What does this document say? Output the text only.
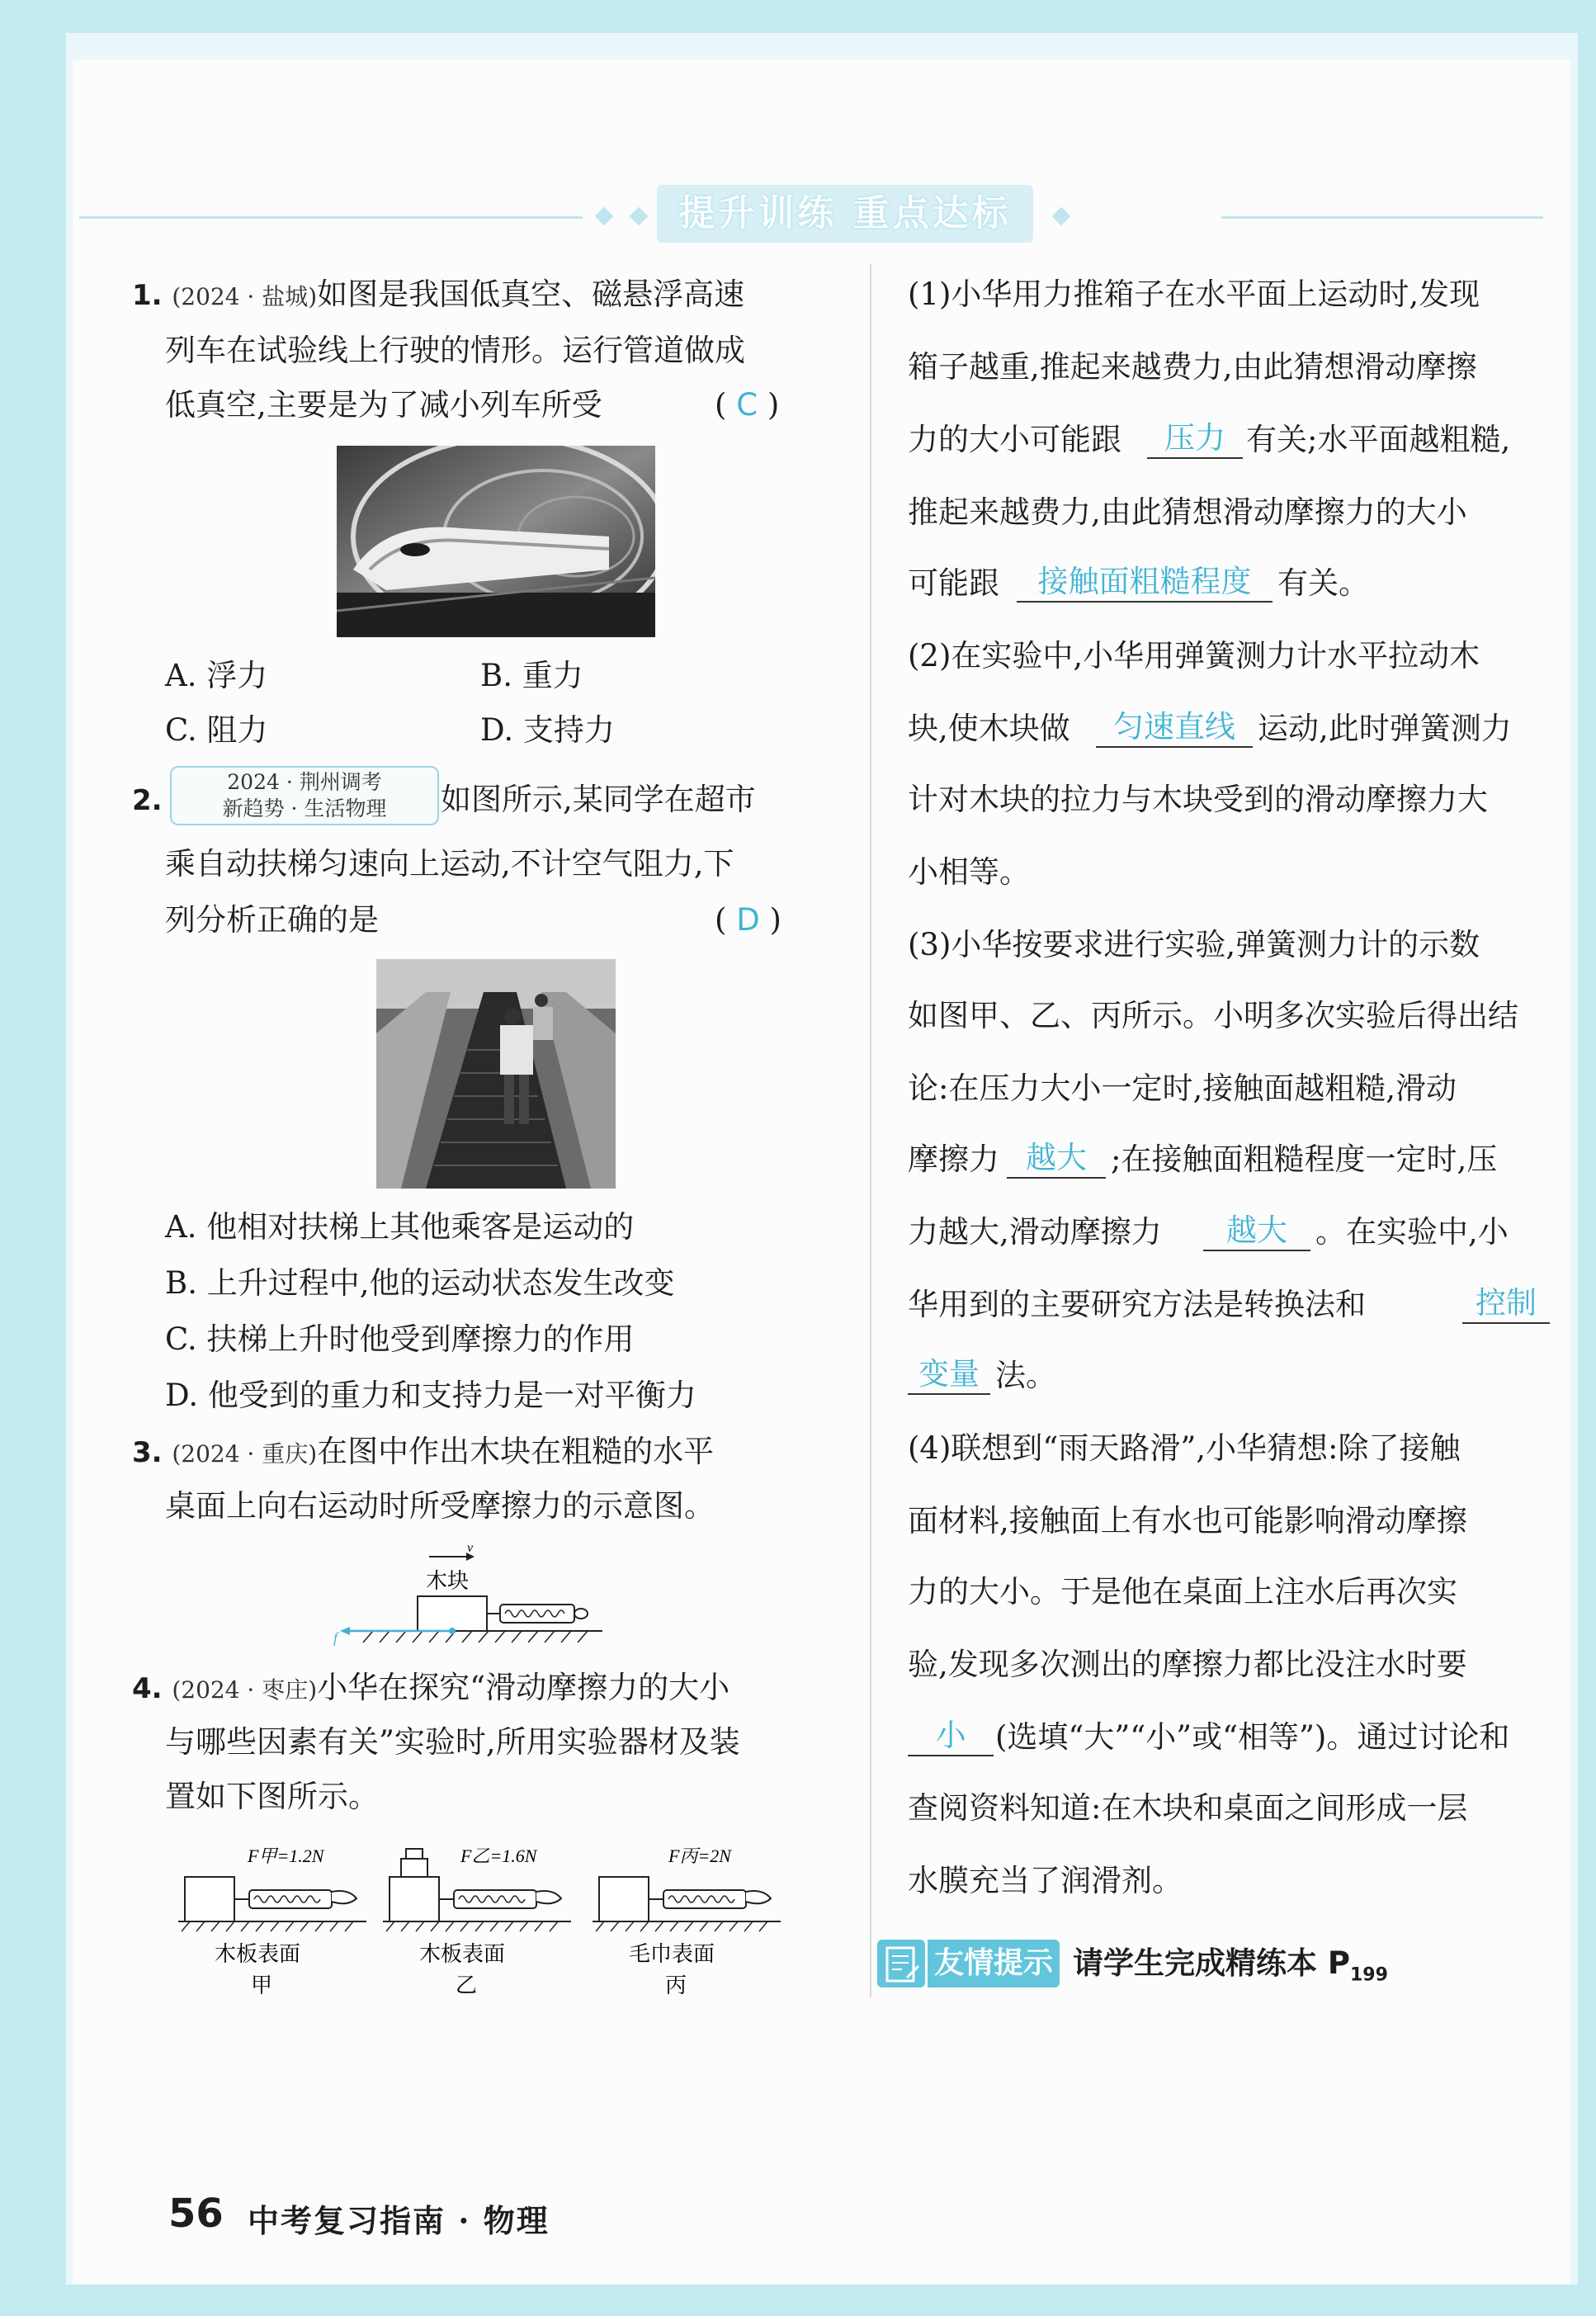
提升训练 重点达标
1. (2024 · 盐城)如图是我国低真空、磁悬浮高速
列车在试验线上行驶的情形。运行管道做成
低真空,主要是为了减小列车所受	( C )
A. 浮力	B. 重力
C. 阻力	D. 支持力
2.
2024 · 荆州调考
新趋势 · 生活物理	如图所示,某同学在超市
乘自动扶梯匀速向上运动,不计空气阻力,下
列分析正确的是	( D )
A. 他相对扶梯上其他乘客是运动的
B. 上升过程中,他的运动状态发生改变
C. 扶梯上升时他受到摩擦力的作用
D. 他受到的重力和支持力是一对平衡力
3. (2024 · 重庆)在图中作出木块在粗糙的水平
桌面上向右运动时所受摩擦力的示意图。
v
木块
f
4. (2024 · 枣庄)小华在探究“滑动摩擦力的大小
与哪些因素有关”实验时,所用实验器材及装
置如下图所示。
F甲=1.2N
木板表面
甲
F乙=1.6N
木板表面
乙
F丙=2N
毛巾表面
丙
(1)小华用力推箱子在水平面上运动时,发现
箱子越重,推起来越费力,由此猜想滑动摩擦
力的大小可能跟	压力 有关;水平面越粗糙,
推起来越费力,由此猜想滑动摩擦力的大小
可能跟	接触面粗糙程度 有关。
(2)在实验中,小华用弹簧测力计水平拉动木
块,使木块做	匀速直线 运动,此时弹簧测力
计对木块的拉力与木块受到的滑动摩擦力大
小相等。
(3)小华按要求进行实验,弹簧测力计的示数
如图甲、乙、丙所示。小明多次实验后得出结
论:在压力大小一定时,接触面越粗糙,滑动
摩擦力 越大 ;在接触面粗糙程度一定时,压
力越大,滑动摩擦力	越大 。在实验中,小
华用到的主要研究方法是转换法和	控制
变量 法。
(4)联想到“雨天路滑”,小华猜想:除了接触
面材料,接触面上有水也可能影响滑动摩擦
力的大小。于是他在桌面上注水后再次实
验,发现多次测出的摩擦力都比没注水时要
小 (选填“大”“小”或“相等”)。通过讨论和
查阅资料知道:在木块和桌面之间形成一层
水膜充当了润滑剂。
友情提示 请学生完成精练本 $P_{199}$
56 中考复习指南 · 物理
